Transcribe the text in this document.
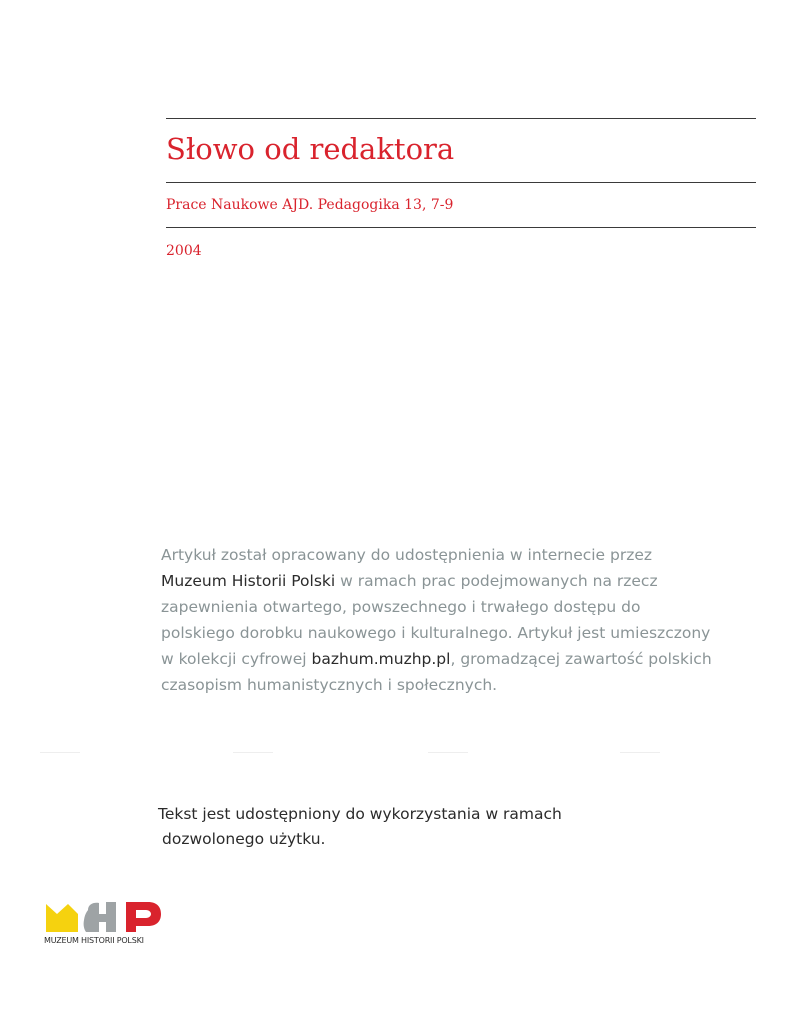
Słowo od redaktora
Prace Naukowe AJD. Pedagogika 13, 7-9
2004
Artykuł został opracowany do udostępnienia w internecie przez
Muzeum Historii Polski w ramach prac podejmowanych na rzecz
zapewnienia otwartego, powszechnego i trwałego dostępu do
polskiego dorobku naukowego i kulturalnego. Artykuł jest umieszczony
w kolekcji cyfrowej bazhum.muzhp.pl, gromadzącej zawartość polskich
czasopism humanistycznych i społecznych.
Tekst jest udostępniony do wykorzystania w ramach
dozwolonego użytku.
MUZEUM HISTORII POLSKI
